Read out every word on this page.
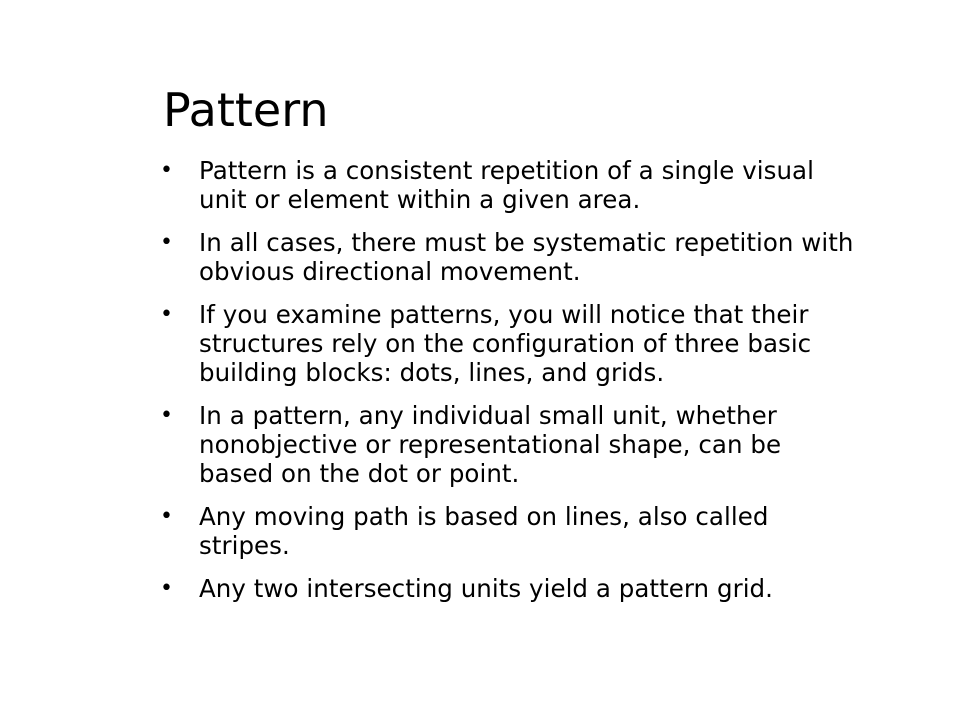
Pattern
• Pattern is a consistent repetition of a single visual unit or element within a given area.
• In all cases, there must be systematic repetition with obvious directional movement.
• If you examine patterns, you will notice that their structures rely on the configuration of three basic building blocks: dots, lines, and grids.
• In a pattern, any individual small unit, whether nonobjective or representational shape, can be based on the dot or point.
• Any moving path is based on lines, also called stripes.
• Any two intersecting units yield a pattern grid.
